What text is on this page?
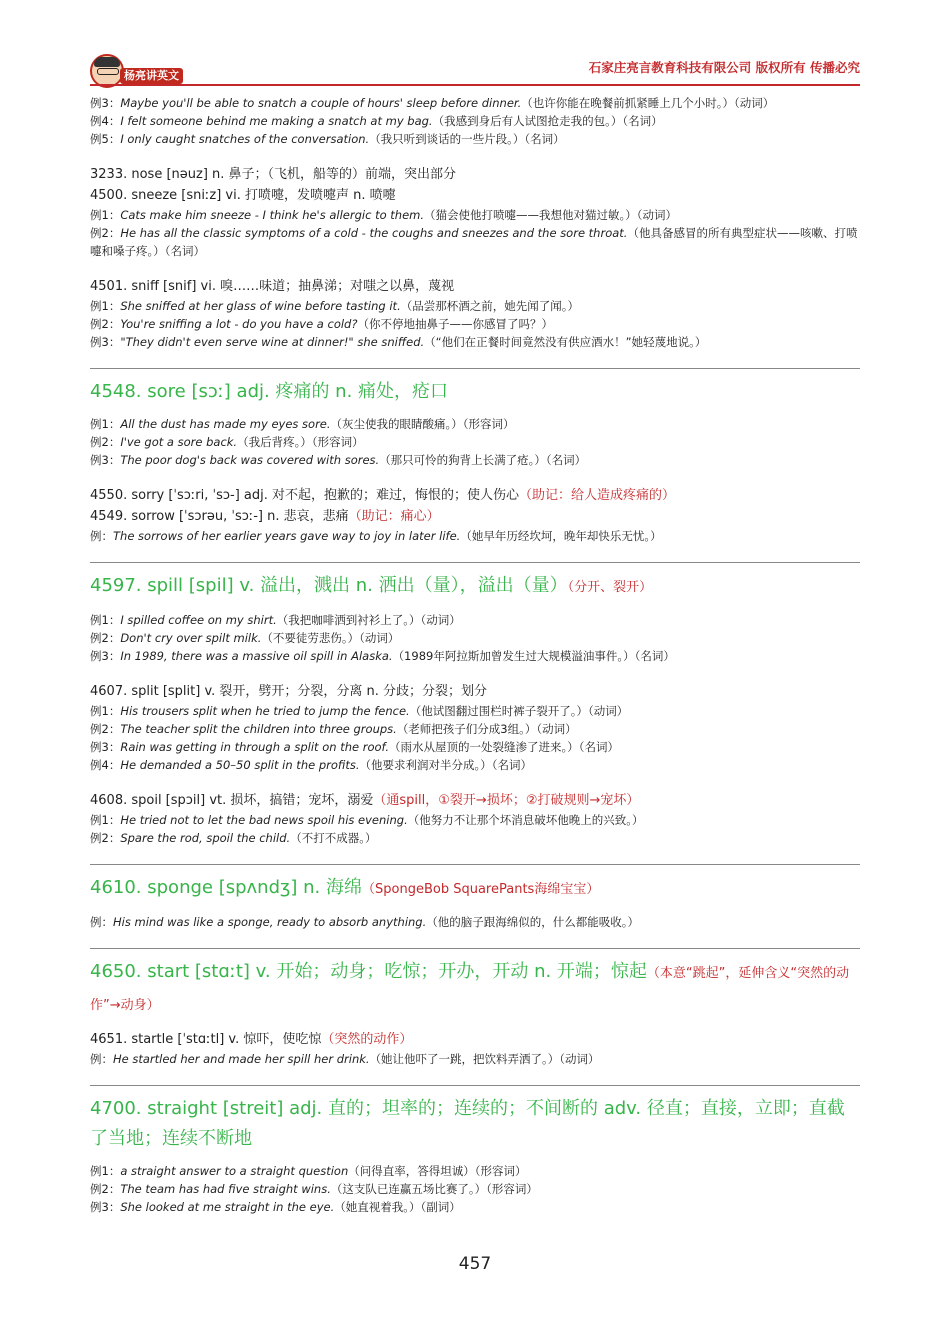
杨亮讲英文
石家庄亮言教育科技有限公司 版权所有 传播必究
例3：Maybe you'll be able to snatch a couple of hours' sleep before dinner.（也许你能在晚餐前抓紧睡上几个小时。）（动词）
例4：I felt someone behind me making a snatch at my bag.（我感到身后有人试图抢走我的包。）（名词）
例5：I only caught snatches of the conversation.（我只听到谈话的一些片段。）（名词）
3233. nose [nəuz] n. 鼻子；（飞机，船等的）前端，突出部分
4500. sneeze [sniːz] vi. 打喷嚏，发喷嚏声 n. 喷嚏
例1：Cats make him sneeze - I think he's allergic to them.（猫会使他打喷嚏——我想他对猫过敏。）（动词）
例2：He has all the classic symptoms of a cold - the coughs and sneezes and the sore throat.（他具备感冒的所有典型症状——咳嗽、打喷嚏和嗓子疼。）（名词）
4501. sniff [snif] vi. 嗅……味道；抽鼻涕；对嗤之以鼻，蔑视
例1：She sniffed at her glass of wine before tasting it.（品尝那杯酒之前，她先闻了闻。）
例2：You're sniffing a lot - do you have a cold?（你不停地抽鼻子——你感冒了吗？）
例3："They didn't even serve wine at dinner!" she sniffed.（“他们在正餐时间竟然没有供应酒水！”她轻蔑地说。）
4548. sore [sɔː] adj. 疼痛的 n. 痛处，疮口
例1：All the dust has made my eyes sore.（灰尘使我的眼睛酸痛。）（形容词）
例2：I've got a sore back.（我后背疼。）（形容词）
例3：The poor dog's back was covered with sores.（那只可怜的狗背上长满了疮。）（名词）
4550. sorry [ˈsɔːri, ˈsɔ-] adj. 对不起，抱歉的；难过，悔恨的；使人伤心（助记：给人造成疼痛的）
4549. sorrow [ˈsɔrəu, ˈsɔː-] n. 悲哀，悲痛（助记：痛心）
例：The sorrows of her earlier years gave way to joy in later life.（她早年历经坎坷，晚年却快乐无忧。）
4597. spill [spil] v. 溢出，溅出 n. 洒出（量），溢出（量）（分开、裂开）
例1：I spilled coffee on my shirt.（我把咖啡洒到衬衫上了。）（动词）
例2：Don't cry over spilt milk.（不要徒劳悲伤。）（动词）
例3：In 1989, there was a massive oil spill in Alaska.（1989年阿拉斯加曾发生过大规模溢油事件。）（名词）
4607. split [split] v. 裂开，劈开；分裂，分离 n. 分歧；分裂；划分
例1：His trousers split when he tried to jump the fence.（他试图翻过围栏时裤子裂开了。）（动词）
例2：The teacher split the children into three groups.（老师把孩子们分成3组。）（动词）
例3：Rain was getting in through a split on the roof.（雨水从屋顶的一处裂缝渗了进来。）（名词）
例4：He demanded a 50–50 split in the profits.（他要求利润对半分成。）（名词）
4608. spoil [spɔil] vt. 损坏，搞错；宠坏，溺爱（通spill，①裂开→损坏；②打破规则→宠坏）
例1：He tried not to let the bad news spoil his evening.（他努力不让那个坏消息破坏他晚上的兴致。）
例2：Spare the rod, spoil the child.（不打不成器。）
4610. sponge [spʌndʒ] n. 海绵（SpongeBob SquarePants海绵宝宝）
例：His mind was like a sponge, ready to absorb anything.（他的脑子跟海绵似的，什么都能吸收。）
4650. start [stɑːt] v. 开始；动身；吃惊；开办，开动 n. 开端；惊起（本意“跳起”，延伸含义“突然的动作”→动身）
4651. startle [ˈstɑːtl] v. 惊吓，使吃惊（突然的动作）
例：He startled her and made her spill her drink.（她让他吓了一跳，把饮料弄洒了。）（动词）
4700. straight [streit] adj. 直的；坦率的；连续的；不间断的 adv. 径直；直接，立即；直截了当地；连续不断地
例1：a straight answer to a straight question（问得直率，答得坦诚）（形容词）
例2：The team has had five straight wins.（这支队已连赢五场比赛了。）（形容词）
例3：She looked at me straight in the eye.（她直视着我。）（副词）
457
